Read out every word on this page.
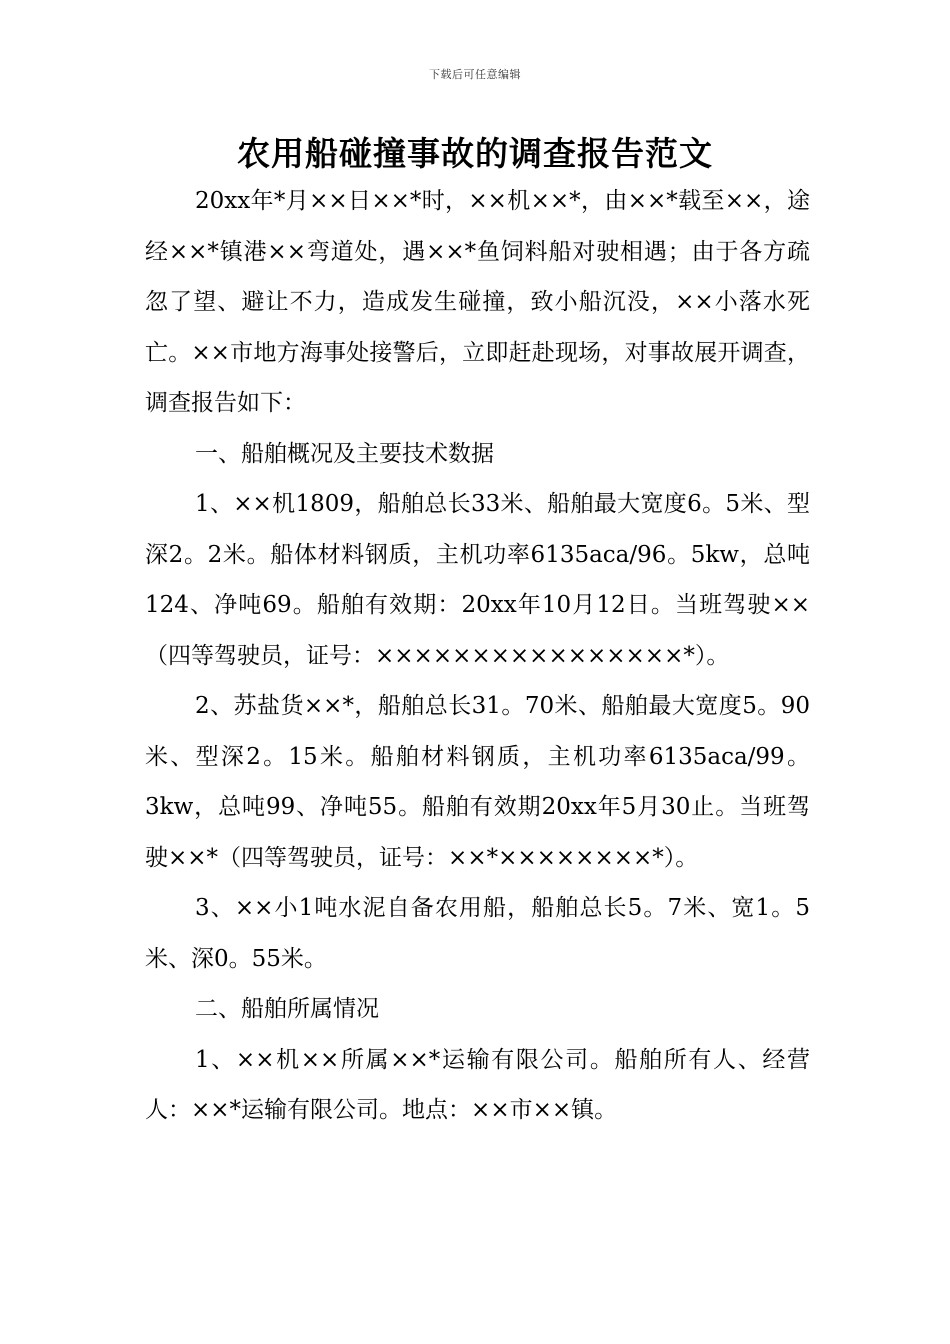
下载后可任意编辑
农用船碰撞事故的调查报告范文

20xx年*月××日××*时，××机××*，由××*载至××，途经××*镇港××弯道处，遇××*鱼饲料船对驶相遇；由于各方疏忽了望、避让不力，造成发生碰撞，致小船沉没，××小落水死亡。××市地方海事处接警后，立即赶赴现场，对事故展开调查，调查报告如下：

一、船舶概况及主要技术数据

1、××机1809，船舶总长33米、船舶最大宽度6。5米、型深2。2米。船体材料钢质，主机功率6135aca/96。5kw，总吨124、净吨69。船舶有效期：20xx年10月12日。当班驾驶××（四等驾驶员，证号：××××××××××××××××*）。

2、苏盐货××*，船舶总长31。70米、船舶最大宽度5。90米、型深2。15米。船舶材料钢质，主机功率6135aca/99。3kw，总吨99、净吨55。船舶有效期20xx年5月30止。当班驾驶××*（四等驾驶员，证号：××*××××××××*）。

3、××小1吨水泥自备农用船，船舶总长5。7米、宽1。5米、深0。55米。

二、船舶所属情况

1、××机××所属××*运输有限公司。船舶所有人、经营人：××*运输有限公司。地点：××市××镇。
